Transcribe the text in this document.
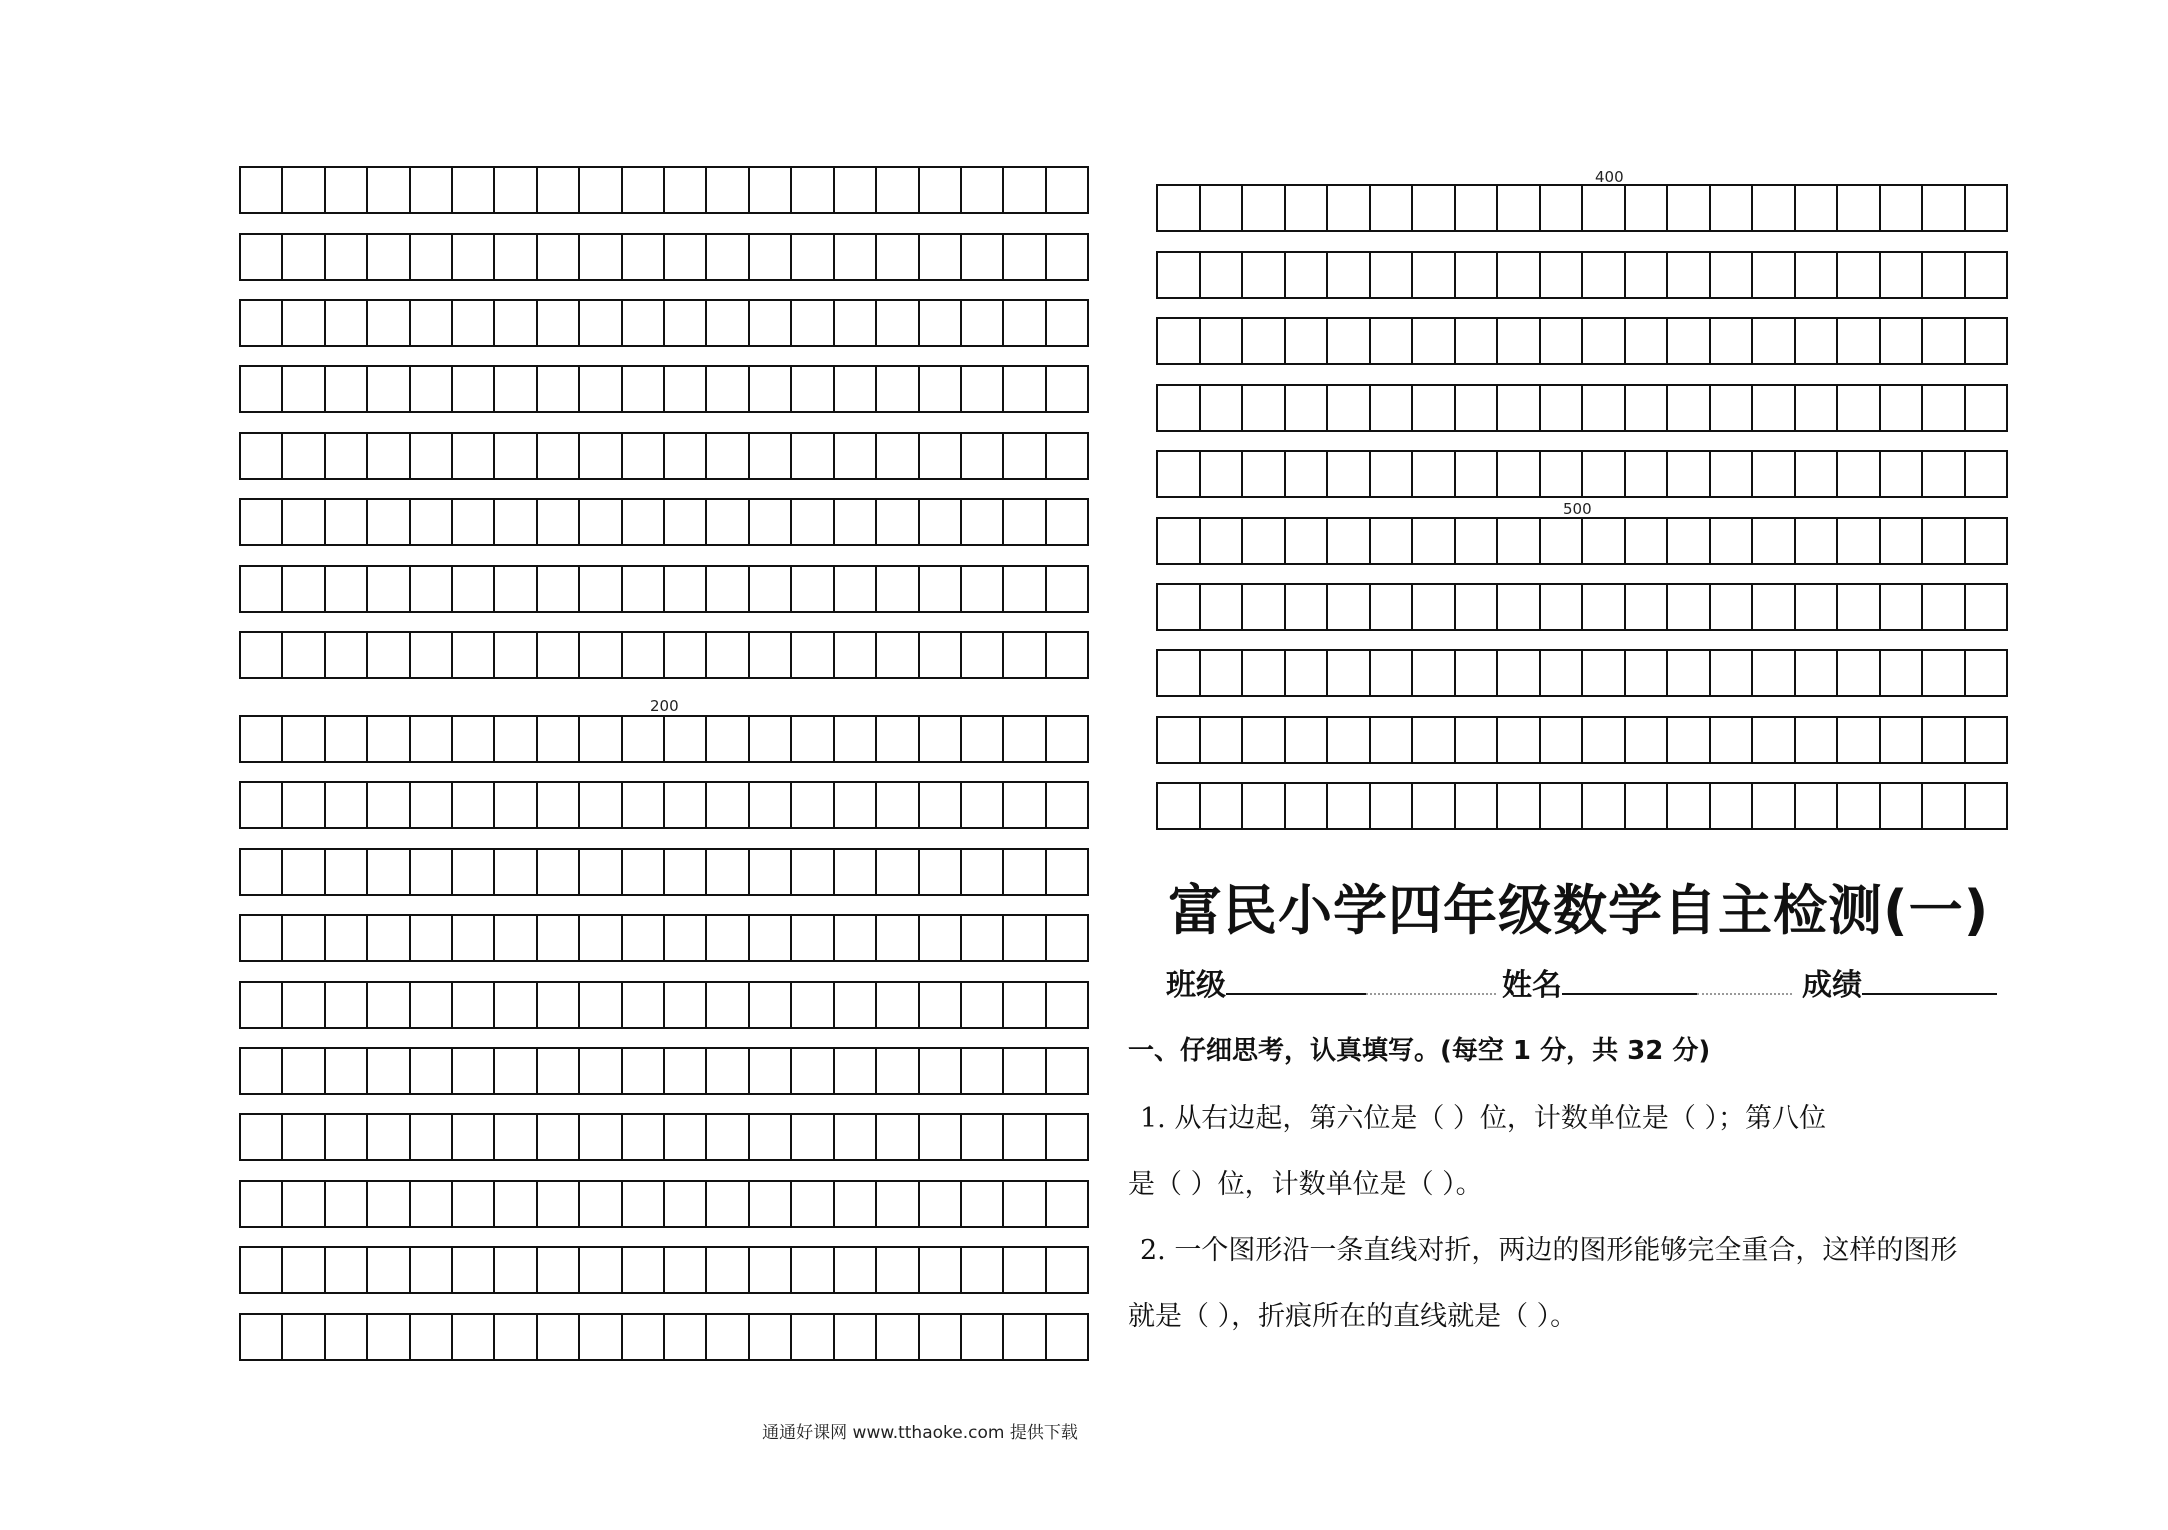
200
400
500
富民小学四年级数学自主检测(一)
班级	姓名	成绩
一、仔细思考，认真填写。(每空 1 分，共 32 分)
1. 从右边起，第六位是（ ）位，计数单位是（ ）；第八位
是（ ）位，计数单位是（ ）。
2. 一个图形沿一条直线对折，两边的图形能够完全重合，这样的图形
就是（ ），折痕所在的直线就是（ ）。
通通好课网 www.tthaoke.com 提供下载
